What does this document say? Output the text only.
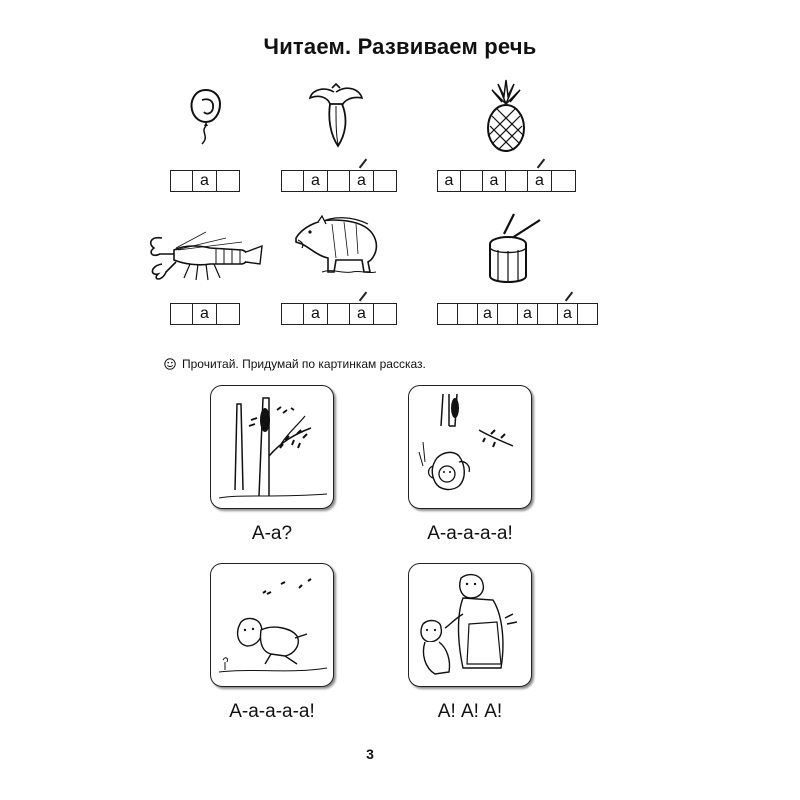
Читаем. Развиваем речь
а	а	а	а	а	а
а	а	а	а	а	а
Прочитай. Придумай по картинкам рассказ.
А-а?	А-а-а-а-а!
А-а-а-а-а!	А! А! А!
3
